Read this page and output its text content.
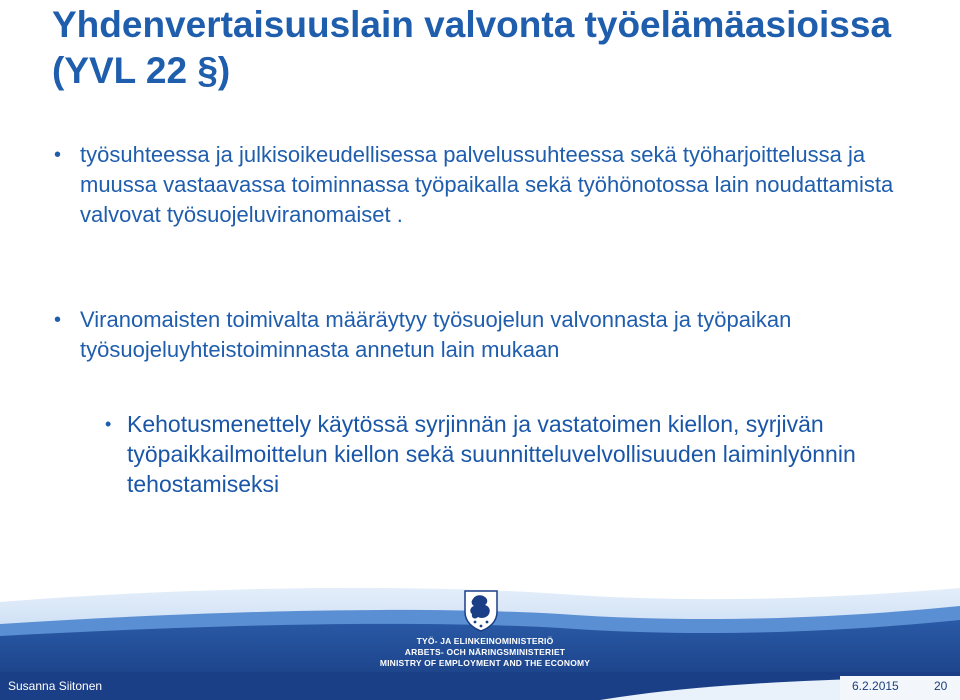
Yhdenvertaisuuslain valvonta työelämäasioissa (YVL 22 §)
• työsuhteessa ja julkisoikeudellisessa palvelussuhteessa sekä työharjoittelussa ja muussa vastaavassa toiminnassa työpaikalla sekä työhönotossa lain noudattamista valvovat työsuojeluviranomaiset .
• Viranomaisten toimivalta määräytyy työsuojelun valvonnasta ja työpaikan työsuojeluyhteistoiminnasta annetun lain mukaan
• Kehotusmenettely käytössä syrjinnän ja vastatoimen kiellon, syrjivän työpaikkailmoittelun kiellon sekä suunnitteluvelvollisuuden laiminlyönnin tehostamiseksi
TYÖ- JA ELINKEINOMINISTERIÖ
ARBETS- OCH NÄRINGSMINISTERIET
MINISTRY OF EMPLOYMENT AND THE ECONOMY
Susanna Siitonen	6.2.2015	20
